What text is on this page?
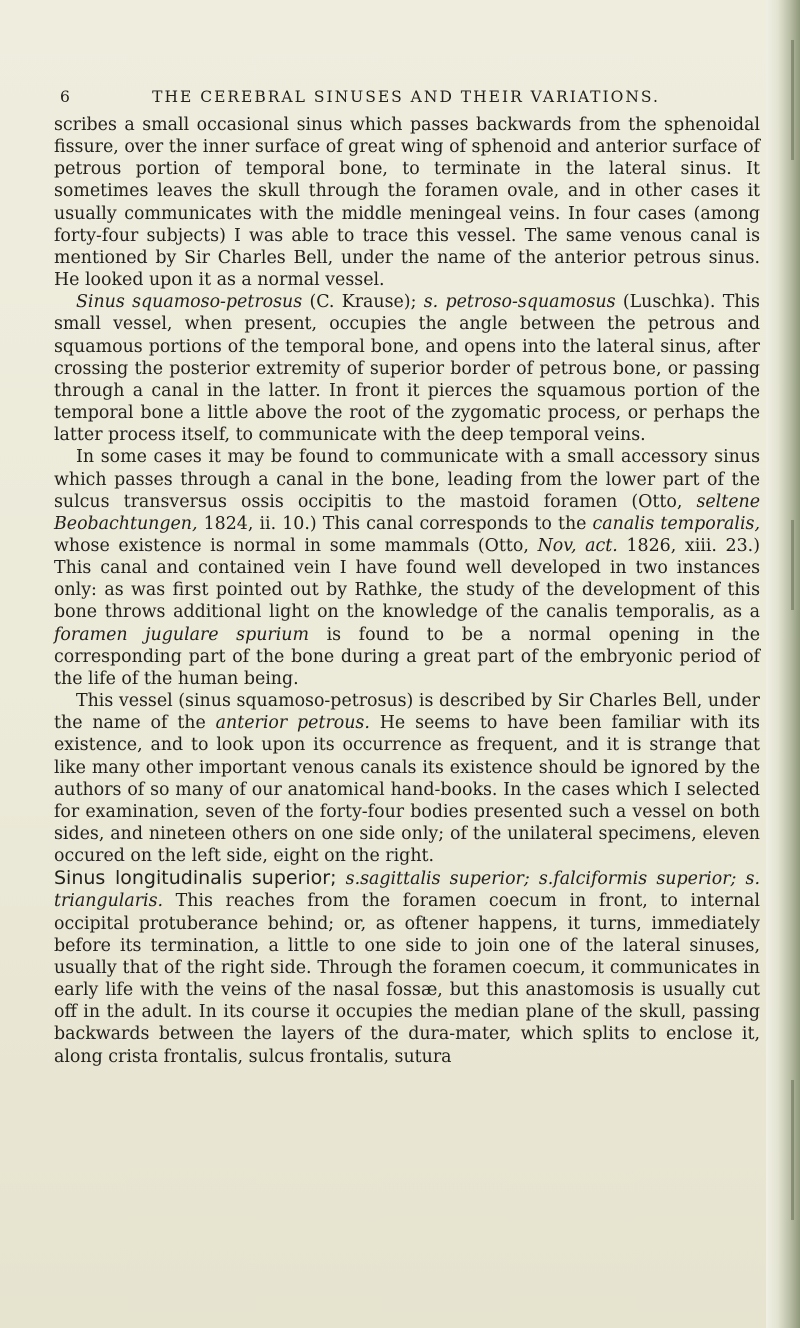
6	THE CEREBRAL SINUSES AND THEIR VARIATIONS.

scribes a small occasional sinus which passes backwards from the sphenoidal fissure, over the inner surface of great wing of sphenoid and anterior surface of petrous portion of temporal bone, to terminate in the lateral sinus. It sometimes leaves the skull through the foramen ovale, and in other cases it usually communicates with the middle meningeal veins. In four cases (among forty-four subjects) I was able to trace this vessel. The same venous canal is mentioned by Sir Charles Bell, under the name of the anterior petrous sinus. He looked upon it as a normal vessel.

Sinus squamoso-petrosus (C. Krause); s. petroso-squamosus (Luschka). This small vessel, when present, occupies the angle between the petrous and squamous portions of the temporal bone, and opens into the lateral sinus, after crossing the posterior extremity of superior border of petrous bone, or passing through a canal in the latter. In front it pierces the squamous portion of the temporal bone a little above the root of the zygomatic process, or perhaps the latter process itself, to communicate with the deep temporal veins.

In some cases it may be found to communicate with a small accessory sinus which passes through a canal in the bone, leading from the lower part of the sulcus transversus ossis occipitis to the mastoid foramen (Otto, seltene Beobachtungen, 1824, ii. 10.) This canal corresponds to the canalis temporalis, whose existence is normal in some mammals (Otto, Nov, act. 1826, xiii. 23.) This canal and contained vein I have found well developed in two instances only: as was first pointed out by Rathke, the study of the development of this bone throws additional light on the knowledge of the canalis temporalis, as a foramen jugulare spurium is found to be a normal opening in the corresponding part of the bone during a great part of the embryonic period of the life of the human being.

This vessel (sinus squamoso-petrosus) is described by Sir Charles Bell, under the name of the anterior petrous. He seems to have been familiar with its existence, and to look upon its occurrence as frequent, and it is strange that like many other important venous canals its existence should be ignored by the authors of so many of our anatomical hand-books. In the cases which I selected for examination, seven of the forty-four bodies presented such a vessel on both sides, and nineteen others on one side only; of the unilateral specimens, eleven occured on the left side, eight on the right.

Sinus longitudinalis superior; s.sagittalis superior; s.falciformis superior; s. triangularis. This reaches from the foramen coecum in front, to internal occipital protuberance behind; or, as oftener happens, it turns, immediately before its termination, a little to one side to join one of the lateral sinuses, usually that of the right side. Through the foramen coecum, it communicates in early life with the veins of the nasal fossæ, but this anastomosis is usually cut off in the adult. In its course it occupies the median plane of the skull, passing backwards between the layers of the dura-mater, which splits to enclose it, along crista frontalis, sulcus frontalis, sutura
